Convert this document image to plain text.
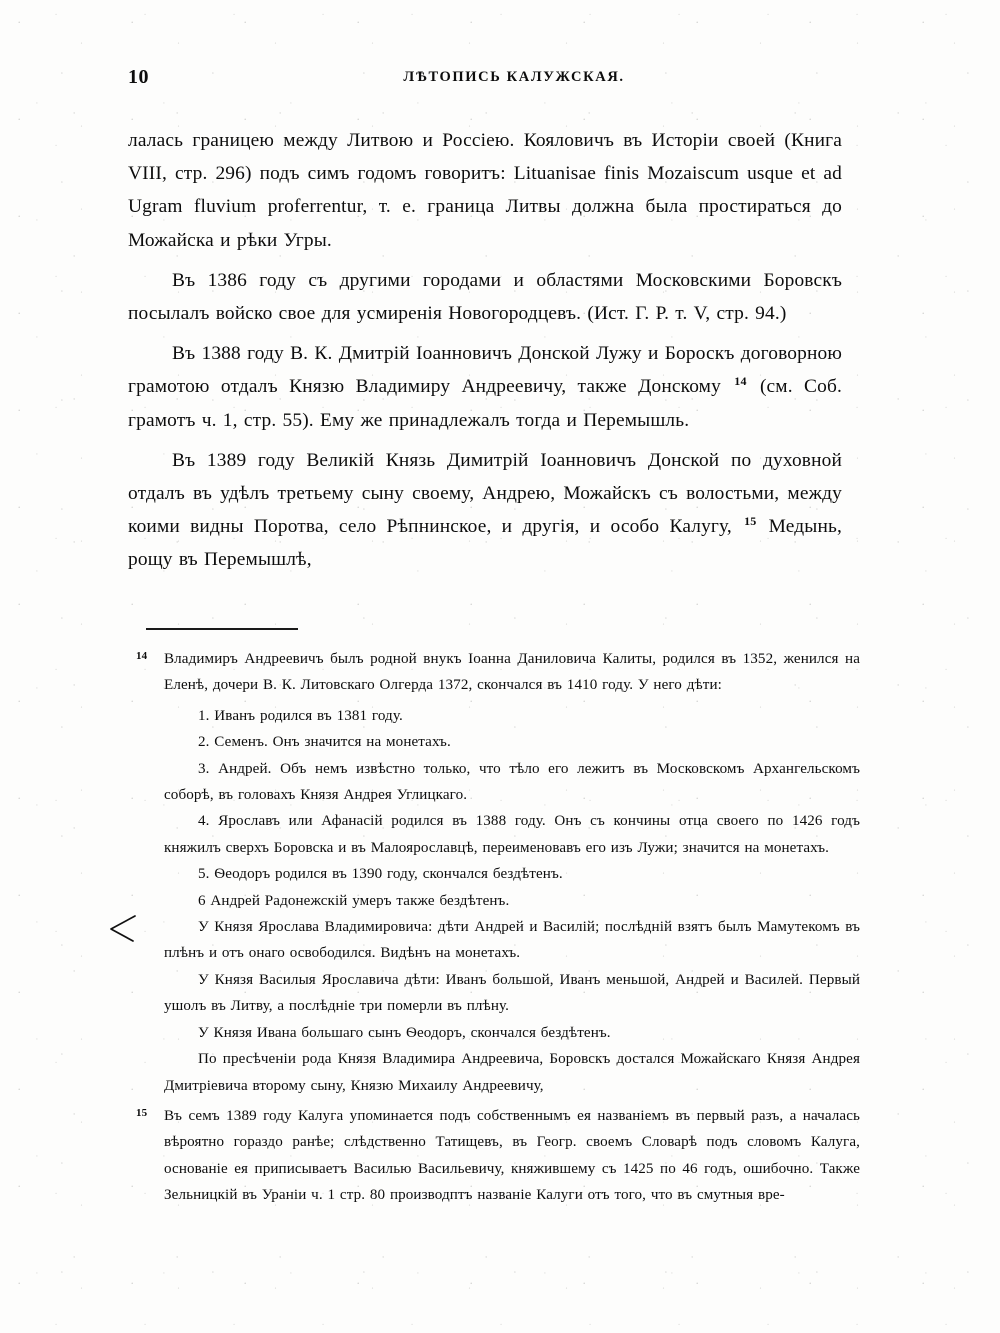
10	ЛѢТОПИСЬ КАЛУЖСКАЯ.

лалась границею между Литвою и Россіею. Кояловичъ въ Исторіи своей (Книга VIII, стр. 296) подъ симъ годомъ говоритъ: Lituanisae finis Mozaiscum usque et ad Ugram fluvium proferrentur, т. е. граница Литвы должна была простираться до Можайска и рѣки Угры.

Въ 1386 году съ другими городами и областями Московскими Боровскъ посылалъ войско свое для усмиренія Новогородцевъ. (Ист. Г. Р. т. V, стр. 94.)

Въ 1388 году В. К. Дмитрій Іоанновичъ Донской Лужу и Бороскъ договорною грамотою отдалъ Князю Владимиру Андреевичу, также Донскому $^{14}$ (см. Соб. грамотъ ч. 1, стр. 55). Ему же принадлежалъ тогда и Перемышль.

Въ 1389 году Великій Князь Димитрій Іоанновичъ Донской по духовной отдалъ въ удѣлъ третьему сыну своему, Андрею, Можайскъ съ волостьми, между коими видны Поротва, село Рѣпнинское, и другія, и особо Калугу, $^{15}$ Медынь, рощу въ Перемышлѣ,

14 Владимиръ Андреевичъ былъ родной внукъ Іоанна Даниловича Калиты, родился въ 1352, женился на Еленѣ, дочери В. К. Литовскаго Олгерда 1372, скончался въ 1410 году. У него дѣти:

1. Иванъ родился въ 1381 году.

2. Семенъ. Онъ значится на монетахъ.

3. Андрей. Объ немъ извѣстно только, что тѣло его лежитъ въ Московскомъ Архангельскомъ соборѣ, въ головахъ Князя Андрея Углицкаго.

4. Ярославъ или Афанасій родился въ 1388 году. Онъ съ кончины отца своего по 1426 годъ княжилъ сверхъ Боровска и въ Малоярославцѣ, переименовавъ его изъ Лужи; значится на монетахъ.

5. Ѳеодоръ родился въ 1390 году, скончался бездѣтенъ.

6 Андрей Радонежскій умеръ также бездѣтенъ.

У Князя Ярослава Владимировича: дѣти Андрей и Василій; послѣдній взятъ былъ Мамутекомъ въ плѣнъ и отъ онаго освободился. Видѣнъ на монетахъ.

У Князя Василыя Ярославича дѣти: Иванъ большой, Иванъ меньшой, Андрей и Василей. Первый ушолъ въ Литву, а послѣдніе три померли въ плѣну.

У Князя Ивана большаго сынъ Ѳеодоръ, скончался бездѣтенъ.

По пресѣченіи рода Князя Владимира Андреевича, Боровскъ достался Можайскаго Князя Андрея Дмитріевича второму сыну, Князю Михаилу Андреевичу,

15 Въ семъ 1389 году Калуга упоминается подъ собственнымъ ея названіемъ въ первый разъ, а началась вѣроятно гораздо ранѣе; слѣдственно Татищевъ, въ Геогр. своемъ Словарѣ подъ словомъ Калуга, основаніе ея приписываетъ Василью Васильевичу, княжившему съ 1425 по 46 годъ, ошибочно. Также Зельницкій въ Уранiи ч. 1 стр. 80 производптъ названіе Калуги отъ того, что въ смутныя вре-
